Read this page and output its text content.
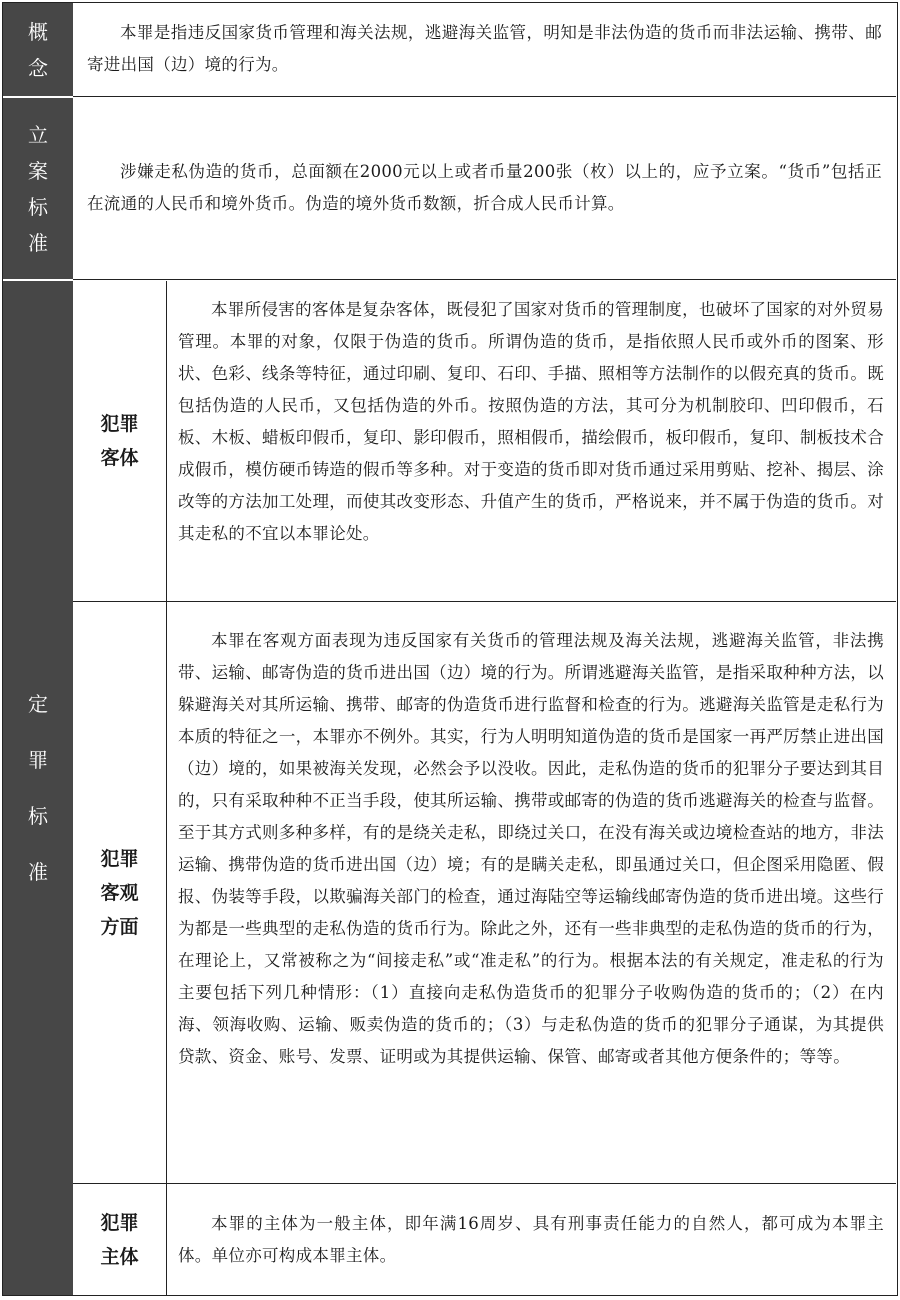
概
念

本罪是指违反国家货币管理和海关法规，逃避海关监管，明知是非法伪造的货币而非法运输、携带、邮寄进出国（边）境的行为。

立
案
标
准

涉嫌走私伪造的货币，总面额在2000元以上或者币量200张（枚）以上的，应予立案。“货币”包括正在流通的人民币和境外货币。伪造的境外货币数额，折合成人民币计算。

定
罪
标
准
犯罪
客体

本罪所侵害的客体是复杂客体，既侵犯了国家对货币的管理制度，也破坏了国家的对外贸易管理。本罪的对象，仅限于伪造的货币。所谓伪造的货币，是指依照人民币或外币的图案、形状、色彩、线条等特征，通过印刷、复印、石印、手描、照相等方法制作的以假充真的货币。既包括伪造的人民币，又包括伪造的外币。按照伪造的方法，其可分为机制胶印、凹印假币，石板、木板、蜡板印假币，复印、影印假币，照相假币，描绘假币，板印假币，复印、制板技术合成假币，模仿硬币铸造的假币等多种。对于变造的货币即对货币通过采用剪贴、挖补、揭层、涂改等的方法加工处理，而使其改变形态、升值产生的货币，严格说来，并不属于伪造的货币。对其走私的不宜以本罪论处。

犯罪
客观
方面

本罪在客观方面表现为违反国家有关货币的管理法规及海关法规，逃避海关监管，非法携带、运输、邮寄伪造的货币进出国（边）境的行为。所谓逃避海关监管，是指采取种种方法，以躲避海关对其所运输、携带、邮寄的伪造货币进行监督和检查的行为。逃避海关监管是走私行为本质的特征之一，本罪亦不例外。其实，行为人明明知道伪造的货币是国家一再严厉禁止进出国（边）境的，如果被海关发现，必然会予以没收。因此，走私伪造的货币的犯罪分子要达到其目的，只有采取种种不正当手段，使其所运输、携带或邮寄的伪造的货币逃避海关的检查与监督。至于其方式则多种多样，有的是绕关走私，即绕过关口，在没有海关或边境检查站的地方，非法运输、携带伪造的货币进出国（边）境；有的是瞒关走私，即虽通过关口，但企图采用隐匿、假报、伪装等手段，以欺骗海关部门的检查，通过海陆空等运输线邮寄伪造的货币进出境。这些行为都是一些典型的走私伪造的货币行为。除此之外，还有一些非典型的走私伪造的货币的行为，在理论上，又常被称之为“间接走私”或“准走私”的行为。根据本法的有关规定，准走私的行为主要包括下列几种情形：（1）直接向走私伪造货币的犯罪分子收购伪造的货币的；（2）在内海、领海收购、运输、贩卖伪造的货币的；（3）与走私伪造的货币的犯罪分子通谋，为其提供贷款、资金、账号、发票、证明或为其提供运输、保管、邮寄或者其他方便条件的；等等。

犯罪
主体

本罪的主体为一般主体，即年满16周岁、具有刑事责任能力的自然人，都可成为本罪主体。单位亦可构成本罪主体。
